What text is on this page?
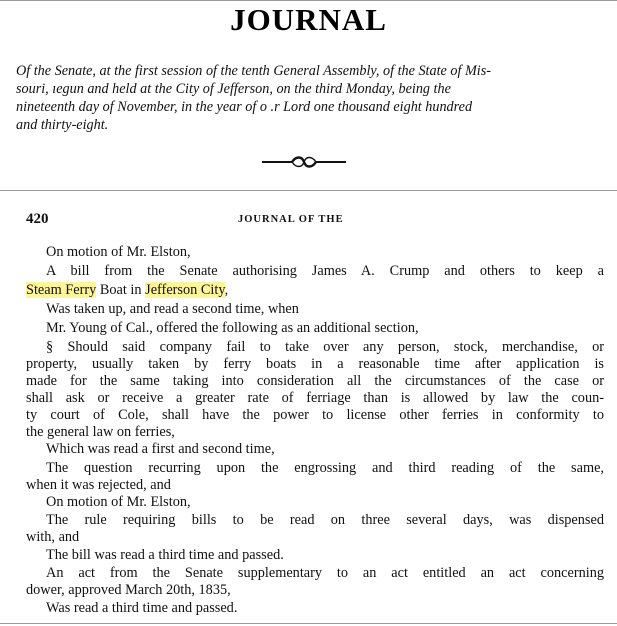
JOURNAL
Of the Senate, at the first session of the tenth General Assembly, of the State of Mis-
souri, ıegun and held at the City of Jefferson, on the third Monday, being the
nineteenth day of November, in the year of o .r Lord one thousand eight hundred
and thirty-eight.
420	JOURNAL OF THE
On motion of Mr. Elston,
A bill from the Senate authorising James A. Crump and others to keep a
Steam Ferry Boat in Jefferson City,
Was taken up, and read a second time, when
Mr. Young of Cal., offered the following as an additional section,
§ Should said company fail to take over any person, stock, merchandise, or
property, usually taken by ferry boats in a reasonable time after application is
made for the same taking into consideration all the circumstances of the case or
shall ask or receive a greater rate of ferriage than is allowed by law the coun-
ty court of Cole, shall have the power to license other ferries in conformity to
the general law on ferries,
Which was read a first and second time,
The question recurring upon the engrossing and third reading of the same,
when it was rejected, and
On motion of Mr. Elston,
The rule requiring bills to be read on three several days, was dispensed
with, and
The bill was read a third time and passed.
An act from the Senate supplementary to an act entitled an act concerning
dower, approved March 20th, 1835,
Was read a third time and passed.
